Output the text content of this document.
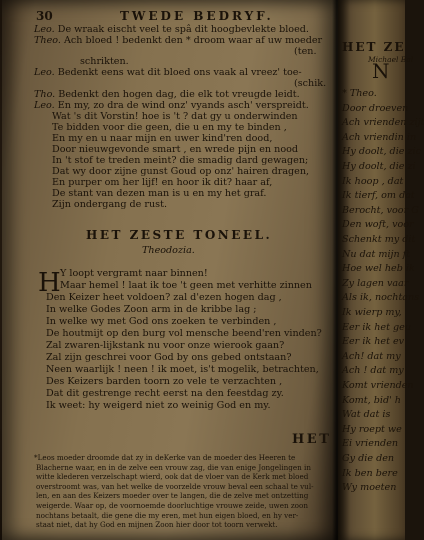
30	TWEDE BEDRYF.
Leo. De wraak eischt veel te spâ dit hoogbevlekte bloed.
Theo. Ach bloed ! bedenkt den * droom waar af uw moeder
(ten.
schrikten.
Leo. Bedenkt eens wat dit bloed ons vaak al vreez' toe-
(schik.
Tho. Bedenkt den hogen dag, die elk tot vreugde leidt.
Leo. En my, zo dra de wind onz' vyands asch' verspreidt.
Wat 's dit Vorstin! hoe is 't ? dat gy u onderwinden
Te bidden voor die geen, die u en my te binden ,
En my en u naar mijn en uwer kind'ren dood,
Door nieuwgevonde smart , en wrede pijn en nood
In 't stof te treden meint? die smadig dard gewagen;
Dat wy door zijne gunst Goud op onz' hairen dragen,
En purper om her lijf! en hoor ik dit? haar af,
De stant van dezen man is u en my het graf.
Zijn ondergang de rust.
HET ZESTE TONEEL.
Theodozia.
H Y loopt vergramt naar binnen!
Maar hemel ! laat ik toe 't geen met verhitte zinnen
Den Keizer heet voldoen? zal d'ezen hogen dag ,
In welke Godes Zoon arm in de kribbe lag ;
In welke wy met God ons zoeken te verbinden ,
De houtmijt op den burg vol mensche beend'ren vinden?
Zal zwaren-lijkstank nu voor onze wierook gaan?
Zal zijn geschrei voor God by ons gebed ontstaan?
Neen waarlijk ! neen ! ik moet, is't mogelik, betrachten,
Des Keizers barden toorn zo vele te verzachten ,
Dat dit gestrenge recht eerst na den feestdag zy.
Ik weet: hy weigerd niet zo weinig God en my.
HET
*Leos moeder droomde dat zy in deKerke van de moeder des Heeren te
Blacherne waar, en in de zelve een vrouw zag, die van enige Jongelingen in
witte klederen verzelschapt wierd, ook dat de vloer van de Kerk met bloed
overstroomt was, van het welke de voorzelde vrouw beval een schaal te vul-
len, en aan des Keizers moeder over te langen, die de zelve met ontzetting
weigerde. Waar op, de voornoemde doorluchtige vrouwe zeide, uwen zoon
nochtans betaalt, die gene die my eren, met hun eigen bloed, en hy ver-
staat niet, dat hy God en mijnen Zoon hier door tot toorn verwekt.
HET ZE
Michael Bal
N
* Theo.
Door droeven
Ach vrienden zijt
Ach vriendin in
Hy doolt, die zic
Hy doolt, die zi
Ik hoop , dat
Ik tierf, om dat
Berocht, voor G
Den woft, voor
Schenkt my dit
Nu dat mijn ft
Hoe wel heb ik
Zy lagen vaar
Als ik, nochtans
Ik wierp my,
Eer ik het geu
Eer ik het ev
Ach! dat my
Ach ! dat my
Komt vrienden
Komt, bid' h
Wat dat is
Hy roept we
Ei vrienden
Gy die den
Ik ben bere
Wy moeten
